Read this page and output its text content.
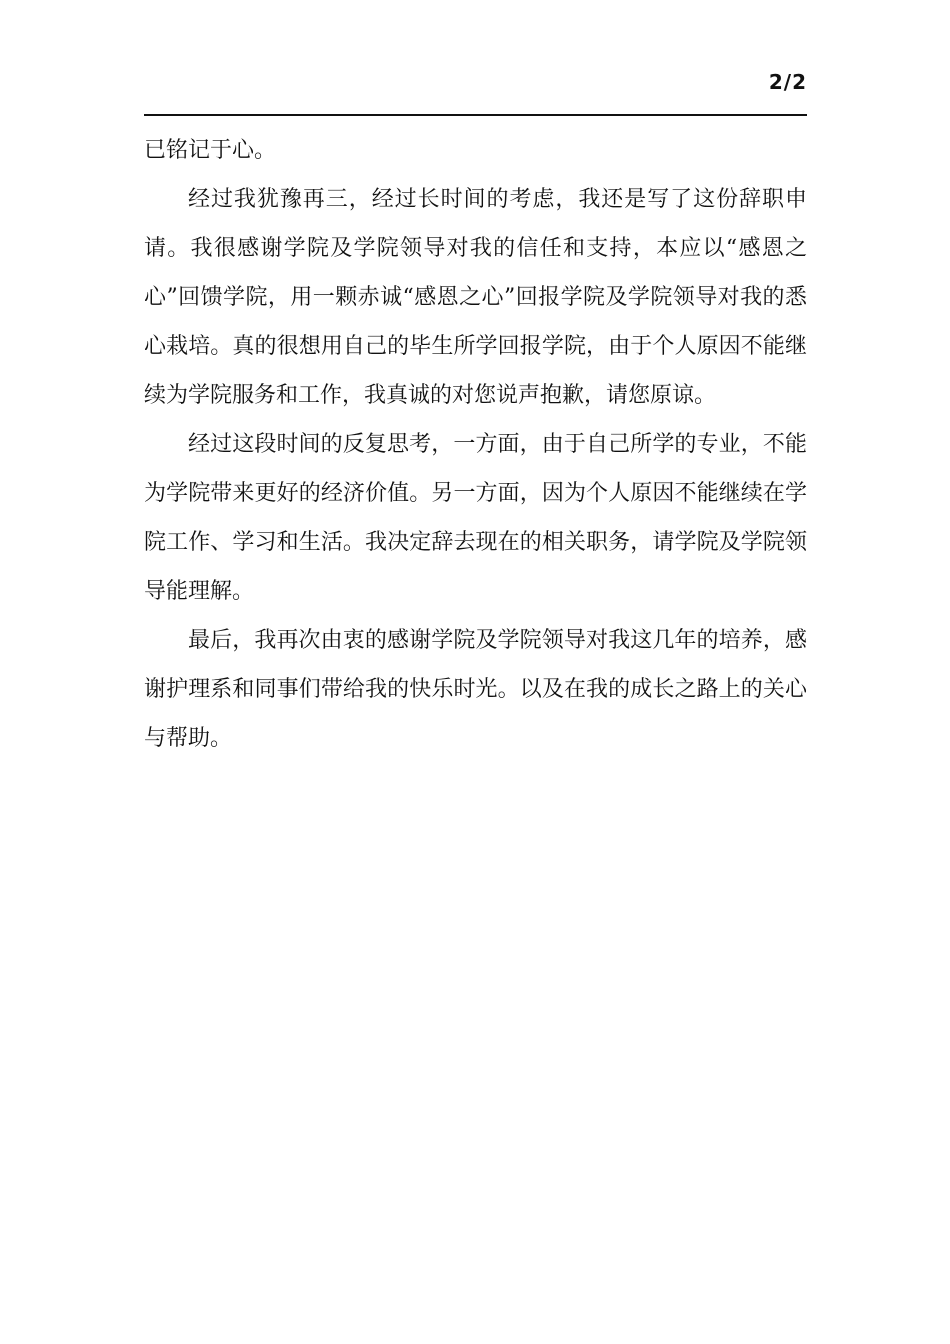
2/2

已铭记于心。

经过我犹豫再三，经过长时间的考虑，我还是写了这份辞职申请。我很感谢学院及学院领导对我的信任和支持，本应以“感恩之心”回馈学院，用一颗赤诚“感恩之心”回报学院及学院领导对我的悉心栽培。真的很想用自己的毕生所学回报学院，由于个人原因不能继续为学院服务和工作，我真诚的对您说声抱歉，请您原谅。

经过这段时间的反复思考，一方面，由于自己所学的专业，不能为学院带来更好的经济价值。另一方面，因为个人原因不能继续在学院工作、学习和生活。我决定辞去现在的相关职务，请学院及学院领导能理解。

最后，我再次由衷的感谢学院及学院领导对我这几年的培养，感谢护理系和同事们带给我的快乐时光。以及在我的成长之路上的关心与帮助。
